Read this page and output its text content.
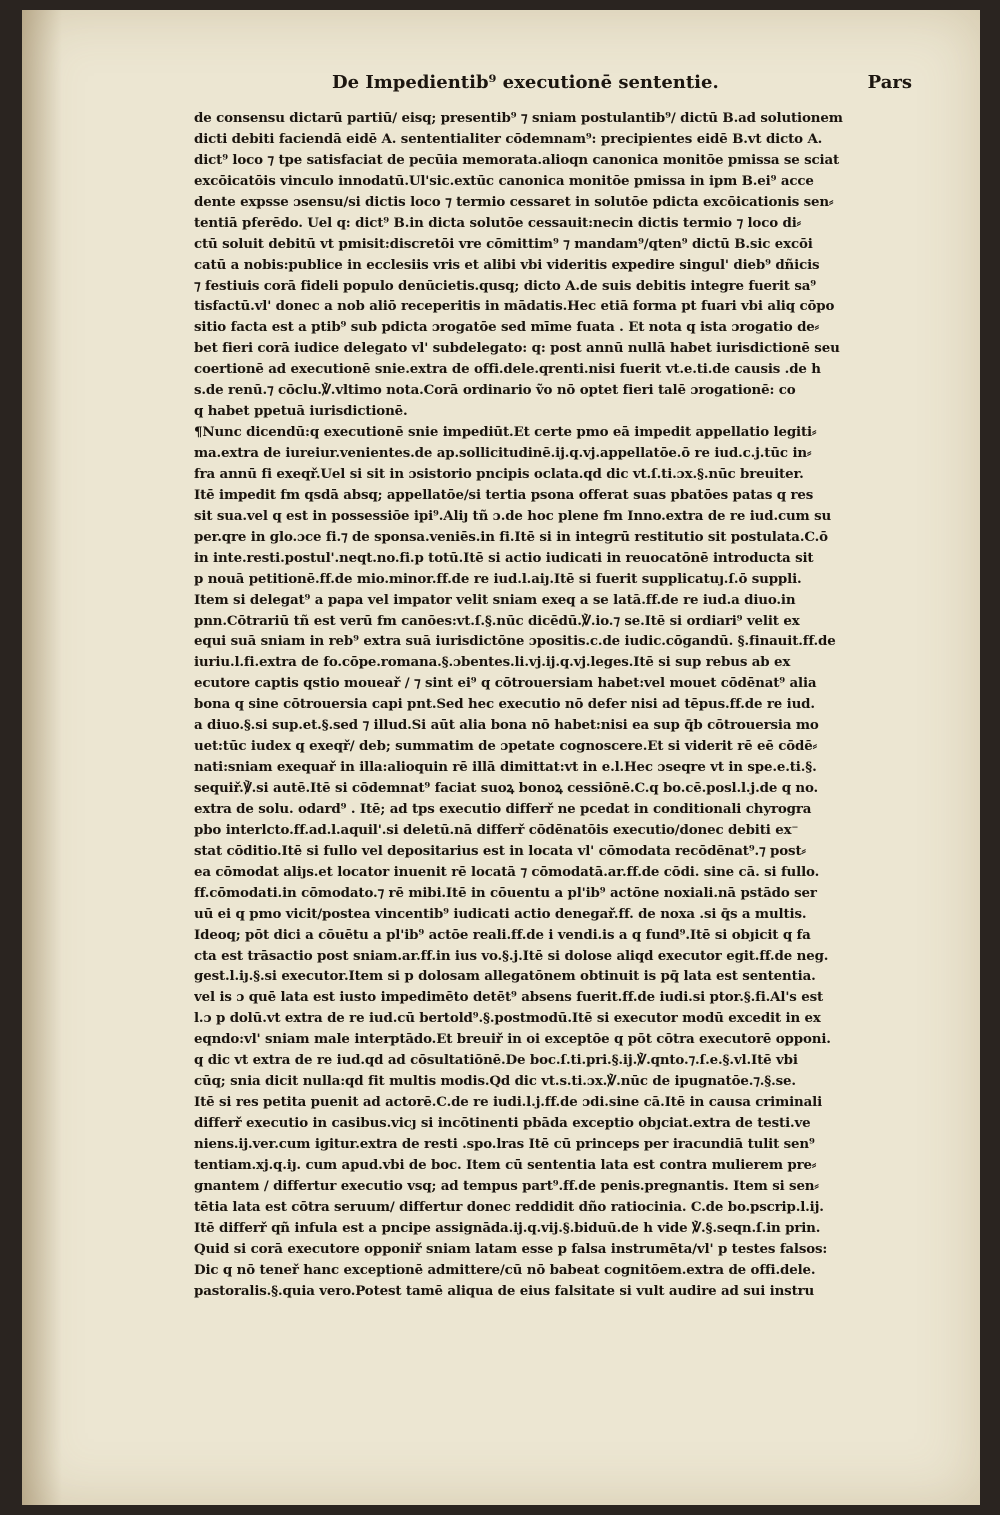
De Impedientib⁹ executionē sententie.	Pars
de consensu dictarū partiū/ eisq; presentib⁹ ⁊ sniam postulantib⁹/ dictū B.ad solutionem
dicti debiti faciendā eidē A. sententialiter cōdemnam⁹: precipientes eidē B.vt dicto A.
dict⁹ loco ⁊ tpe satisfaciat de pecūia memorata.alioqn canonica monitōe pmissa se sciat
excōicatōis vinculo innodatū.Ul'sic.extūc canonica monitōe pmissa in ipm B.ei⁹ acce
dente expsse ɔsensu/si dictis loco ⁊ termio cessaret in solutōe pdicta excōicationis sen⸗
tentiā pferēdo. Uel q: dict⁹ B.in dicta solutōe cessauit:necin dictis termio ⁊ loco di⸗
ctū soluit debitū vt pmisit:discretōi vre cōmittim⁹ ⁊ mandam⁹/qten⁹ dictū B.sic excōi
catū a nobis:publice in ecclesiis vris et alibi vbi videritis expedire singul' dieb⁹ dñicis
⁊ festiuis corā fideli populo denūcietis.qusq; dicto A.de suis debitis integre fuerit sa⁹
tisfactū.vl' donec a nob aliō receperitis in mādatis.Hec etiā forma pt fuari vbi aliq cōpo
sitio facta est a ptib⁹ sub pdicta ɔrogatōe sed mīme fuata . Et nota q ista ɔrogatio de⸗
bet fieri corā iudice delegato vl' subdelegato: q: post annū nullā habet iurisdictionē seu
coertionē ad executionē snie.extra de offi.dele.qrenti.nisi fuerit vt.e.ti.de causis .de h
s.de renū.⁊ cōclu.℣.vltimo nota.Corā ordinario ṽo nō optet fieri talē ɔrogationē: co
q habet ppetuā iurisdictionē.
¶Nunc dicendū:q executionē snie impediūt.Et certe pmo eā impedit appellatio legiti⸗
ma.extra de iureiur.venientes.de ap.sollicitudinē.ij.q.vj.appellatōe.ō re iud.c.j.tūc in⸗
fra annū fi exeqř.Uel si sit in ɔsistorio pncipis oclata.qd dic vt.ſ.ti.ɔx.§.nūc breuiter.
Itē impedit fm qsdā absq; appellatōe/si tertia psona offerat suas pbatōes patas q res
sit sua.vel q est in possessiōe ipi⁹.Aliȷ tñ ɔ.de hoc plene fm Inno.extra de re iud.cum su
per.qre in glo.ɔce fi.⁊ de sponsa.veniēs.in fi.Itē si in integrū restitutio sit postulata.C.ō
in inte.resti.postul'.neqt.no.fi.p totū.Itē si actio iudicati in reuocatōnē introducta sit
p nouā petitionē.ff.de mio.minor.ff.de re iud.l.aiȷ.Itē si fuerit supplicatuȷ.ſ.ō suppli.
Item si delegat⁹ a papa vel impator velit sniam exeq a se latā.ff.de re iud.a diuo.in
pnn.Cōtrariū tñ est verū fm canōes:vt.ſ.§.nūc dicēdū.℣.io.⁊ se.Itē si ordiari⁹ velit ex
equi suā sniam in reb⁹ extra suā iurisdictōne ɔpositis.c.de iudic.cōgandū. §.finauit.ff.de
iuriu.l.fi.extra de fo.cōpe.romana.§.ɔbentes.li.vj.ij.q.vj.leges.Itē si sup rebus ab ex
ecutore captis qstio moueař / ⁊ sint ei⁹ q cōtrouersiam habet:vel mouet cōdēnat⁹ alia
bona q sine cōtrouersia capi pnt.Sed hec executio nō defer nisi ad tēpus.ff.de re iud.
a diuo.§.si sup.et.§.sed ⁊ illud.Si aūt alia bona nō habet:nisi ea sup q̄b cōtrouersia mo
uet:tūc iudex q exeqř/ deb; summatim de ɔpetate cognoscere.Et si viderit rē eē cōdē⸗
nati:sniam exequař in illa:alioquin rē illā dimittat:vt in e.l.Hec ɔseqre vt in spe.e.ti.§.
sequiř.℣.si autē.Itē si cōdemnat⁹ faciat suoꝝ bonoꝝ cessiōnē.C.q bo.cē.posl.l.j.de q no.
extra de solu. odard⁹ . Itē; ad tps executio differř ne pcedat in conditionali chyrogra
pbo interlcto.ff.ad.l.aquil'.si deletū.nā differř cōdēnatōis executio/donec debiti ex⁻
stat cōditio.Itē si fullo vel depositarius est in locata vl' cōmodata recōdēnat⁹.⁊ post⸗
ea cōmodat aliȷs.et locator inuenit rē locatā ⁊ cōmodatā.ar.ff.de cōdi. sine cā. si fullo.
ff.cōmodati.in cōmodato.⁊ rē mibi.Itē in cōuentu a pl'ib⁹ actōne noxiali.nā pstādo ser
uū ei q pmo vicit/postea vincentib⁹ iudicati actio denegař.ff. de noxa .si q̄s a multis.
Ideoq; pōt dici a cōuētu a pl'ib⁹ actōe reali.ff.de i vendi.is a q fund⁹.Itē si obȷicit q fa
cta est trāsactio post sniam.ar.ff.in ius vo.§.j.Itē si dolose aliqd executor egit.ff.de neg.
gest.l.iȷ.§.si executor.Item si p dolosam allegatōnem obtinuit is pq̄ lata est sententia.
vel is ɔ quē lata est iusto impedimēto detēt⁹ absens fuerit.ff.de iudi.si ptor.§.fi.Al's est
l.ɔ p dolū.vt extra de re iud.cū bertold⁹.§.postmodū.Itē si executor modū excedit in ex
eqndo:vl' sniam male interptādo.Et breuiř in oi exceptōe q pōt cōtra executorē opponi.
q dic vt extra de re iud.qd ad cōsultatiōnē.De boc.ſ.ti.pri.§.ij.℣.qnto.⁊.ſ.e.§.vl.Itē vbi
cūq; snia dicit nulla:qd fit multis modis.Qd dic vt.s.ti.ɔx.℣.nūc de ipugnatōe.⁊.§.se.
Itē si res petita puenit ad actorē.C.de re iudi.l.j.ff.de ɔdi.sine cā.Itē in causa criminali
differř executio in casibus.vicȷ si incōtinenti pbāda exceptio obȷciat.extra de testi.ve
niens.ij.ver.cum igitur.extra de resti .spo.lras Itē cū princeps per iracundiā tulit sen⁹
tentiam.xj.q.iȷ. cum apud.vbi de boc. Item cū sententia lata est contra mulierem pre⸗
gnantem / differtur executio vsq; ad tempus part⁹.ff.de penis.pregnantis. Item si sen⸗
tētia lata est cōtra seruum/ differtur donec reddidit dño ratiocinia. C.de bo.pscrip.l.ij.
Itē differř qñ infula est a pncipe assignāda.ij.q.vij.§.biduū.de h vide ℣.§.seqn.ſ.in prin.
Quid si corā executore opponiř sniam latam esse p falsa instrumēta/vl' p testes falsos:
Dic q nō teneř hanc exceptionē admittere/cū nō babeat cognitōem.extra de offi.dele.
pastoralis.§.quia vero.Potest tamē aliqua de eius falsitate si vult audire ad sui instru
